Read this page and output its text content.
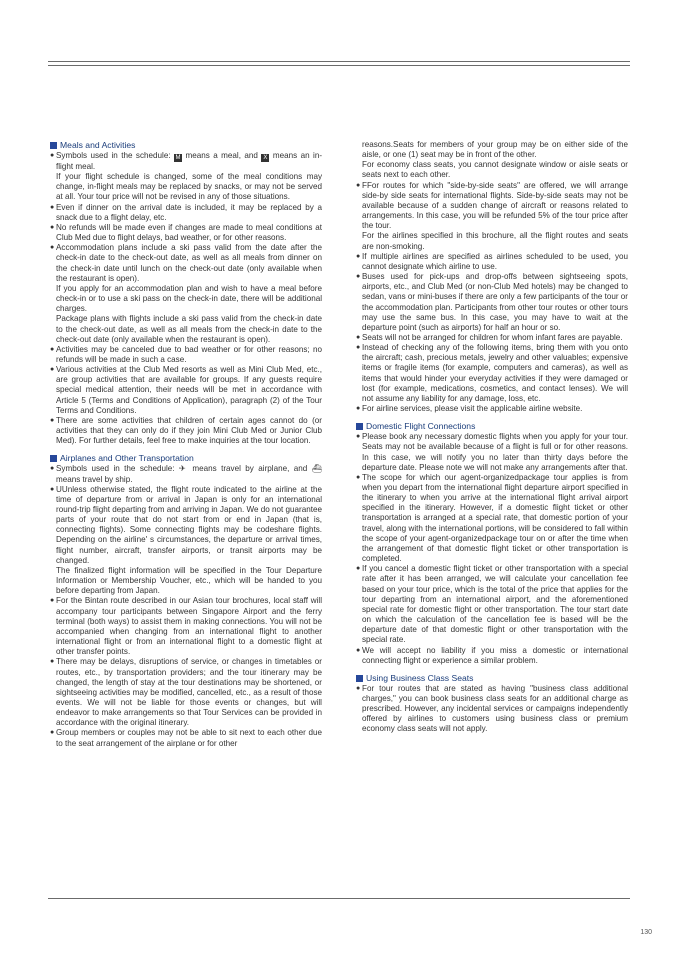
Meals and Activities

● Symbols used in the schedule: M means a meal, and X means an in-flight meal.

If your flight schedule is changed, some of the meal conditions may change, in-flight meals may be replaced by snacks, or may not be served at all. Your tour price will not be revised in any of those situations.

● Even if dinner on the arrival date is included, it may be replaced by a snack due to a flight delay, etc.

● No refunds will be made even if changes are made to meal conditions at Club Med due to flight delays, bad weather, or for other reasons.

● Accommodation plans include a ski pass valid from the date after the check-in date to the check-out date, as well as all meals from dinner on the check-in date until lunch on the check-out date (only available when the restaurant is open).

If you apply for an accommodation plan and wish to have a meal before check-in or to use a ski pass on the check-in date, there will be additional charges.

Package plans with flights include a ski pass valid from the check-in date to the check-out date, as well as all meals from the check-in date to the check-out date (only available when the restaurant is open).

● Activities may be canceled due to bad weather or for other reasons; no refunds will be made in such a case.

● Various activities at the Club Med resorts as well as Mini Club Med, etc., are group activities that are available for groups. If any guests require special medical attention, their needs will be met in accordance with Article 5 (Terms and Conditions of Application), paragraph (2) of the Tour Terms and Conditions.

● There are some activities that children of certain ages cannot do (or activities that they can only do if they join Mini Club Med or Junior Club Med). For further details, feel free to make inquiries at the tour location.

Airplanes and Other Transportation

● Symbols used in the schedule: ✈ means travel by airplane, and ⛴ means travel by ship.

● UUnless otherwise stated, the flight route indicated to the airline at the time of departure from or arrival in Japan is only for an international round-trip flight departing from and arriving in Japan. We do not guarantee parts of your route that do not start from or end in Japan (that is, connecting flights). Some connecting flights may be codeshare flights. Depending on the airline' s circumstances, the departure or arrival times, flight number, aircraft, transfer airports, or transit airports may be changed.

The finalized flight information will be specified in the Tour Departure Information or Membership Voucher, etc., which will be handed to you before departing from Japan.

● For the Bintan route described in our Asian tour brochures, local staff will accompany tour participants between Singapore Airport and the ferry terminal (both ways) to assist them in making connections. You will not be accompanied when changing from an international flight to another international flight or from an international flight to a domestic flight at other transfer points.

● There may be delays, disruptions of service, or changes in timetables or routes, etc., by transportation providers; and the tour itinerary may be changed, the length of stay at the tour destinations may be shortened, or sightseeing activities may be modified, cancelled, etc., as a result of those events. We will not be liable for those events or changes, but will endeavor to make arrangements so that Tour Services can be provided in accordance with the original itinerary.

● Group members or couples may not be able to sit next to each other due to the seat arrangement of the airplane or for other

reasons.Seats for members of your group may be on either side of the aisle, or one (1) seat may be in front of the other.

For economy class seats, you cannot designate window or aisle seats or seats next to each other.

● FFor routes for which "side-by-side seats" are offered, we will arrange side-by side seats for international flights. Side-by-side seats may not be available because of a sudden change of aircraft or reasons related to arrangements. In this case, you will be refunded 5% of the tour price after the tour.

For the airlines specified in this brochure, all the flight routes and seats are non-smoking.

● If multiple airlines are specified as airlines scheduled to be used, you cannot designate which airline to use.

● Buses used for pick-ups and drop-offs between sightseeing spots, airports, etc., and Club Med (or non-Club Med hotels) may be changed to sedan, vans or mini-buses if there are only a few participants of the tour or the accommodation plan. Participants from other tour routes or other tours may use the same bus. In this case, you may have to wait at the departure point (such as airports) for half an hour or so.

● Seats will not be arranged for children for whom infant fares are payable.

● Instead of checking any of the following items, bring them with you onto the aircraft; cash, precious metals, jewelry and other valuables; expensive items or fragile items (for example, computers and cameras), as well as items that would hinder your everyday activities if they were damaged or lost (for example, medications, cosmetics, and contact lenses). We will not assume any liability for any damage, loss, etc.

● For airline services, please visit the applicable airline website.

Domestic Flight Connections

● Please book any necessary domestic flights when you apply for your tour. Seats may not be available because of a flight is full or for other reasons. In this case, we will notify you no later than thirty days before the departure date. Please note we will not make any arrangements after that.

● The scope for which our agent-organizedpackage tour applies is from when you depart from the international flight departure airport specified in the itinerary to when you arrive at the international flight arrival airport specified in the itinerary. However, if a domestic flight ticket or other transportation is arranged at a special rate, that domestic portion of your travel, along with the international portions, will be considered to fall within the scope of your agent-organizedpackage tour on or after the time when the arrangement of that domestic flight ticket or other transportation is completed.

● If you cancel a domestic flight ticket or other transportation with a special rate after it has been arranged, we will calculate your cancellation fee based on your tour price, which is the total of the price that applies for the tour departing from an international airport, and the aforementioned special rate for domestic flight or other transportation. The tour start date on which the calculation of the cancellation fee is based will be the departure date of that domestic flight or other transportation with the special rate.

● We will accept no liability if you miss a domestic or international connecting flight or experience a similar problem.

Using Business Class Seats

● For tour routes that are stated as having "business class additional charges," you can book business class seats for an additional charge as prescribed. However, any incidental services or campaigns independently offered by airlines to customers using business class or premium economy class seats will not apply.

130
